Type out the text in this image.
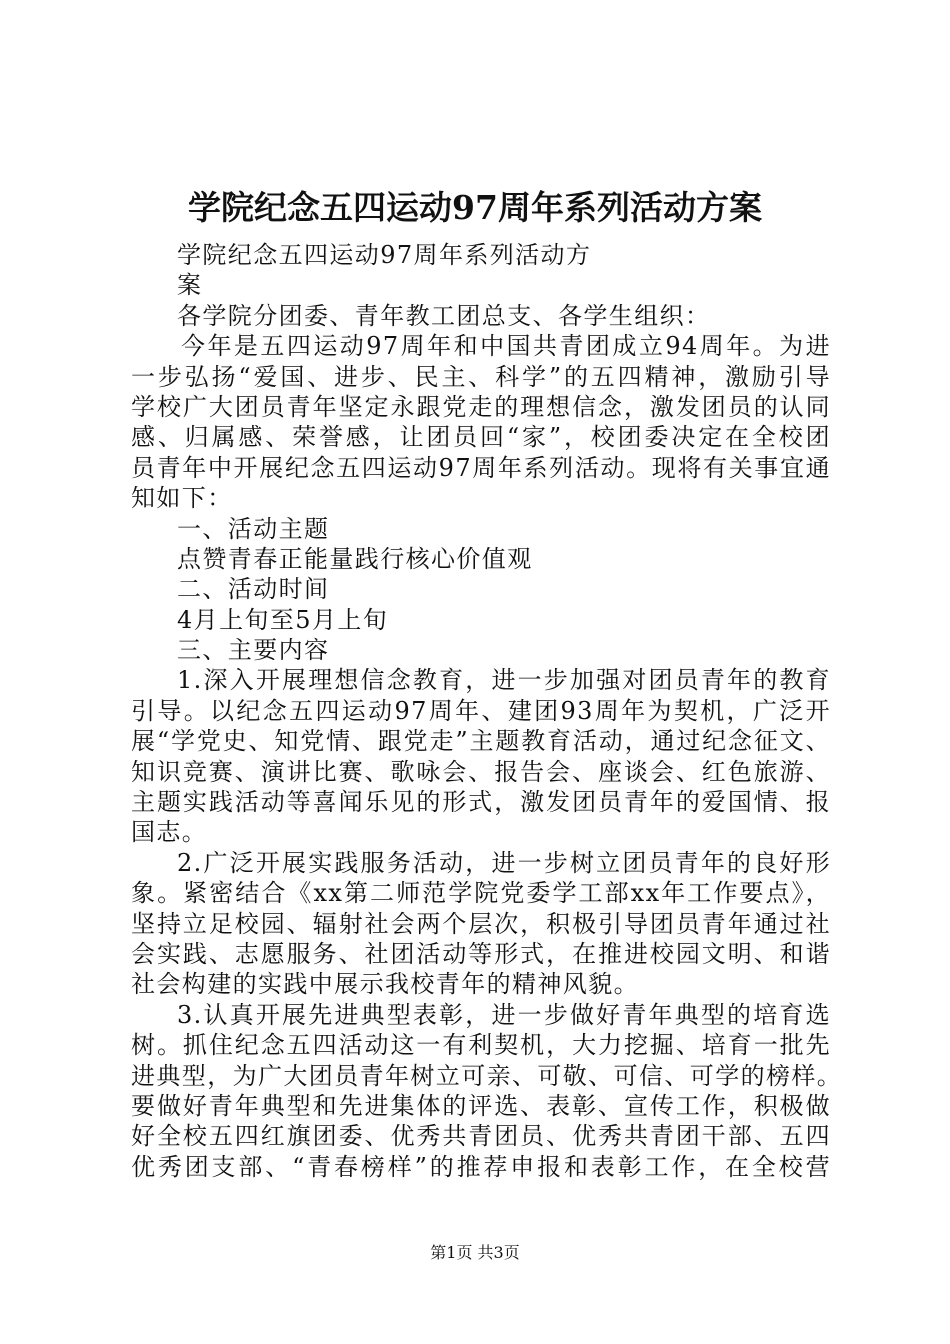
学院纪念五四运动97周年系列活动方案
学院纪念五四运动97周年系列活动方
案
各学院分团委、青年教工团总支、各学生组织：
今年是五四运动97周年和中国共青团成立94周年。为进
一步弘扬“爱国、进步、民主、科学”的五四精神，激励引导
学校广大团员青年坚定永跟党走的理想信念，激发团员的认同
感、归属感、荣誉感，让团员回“家”，校团委决定在全校团
员青年中开展纪念五四运动97周年系列活动。现将有关事宜通
知如下：
一、活动主题
点赞青春正能量践行核心价值观
二、活动时间
4月上旬至5月上旬
三、主要内容
1.深入开展理想信念教育，进一步加强对团员青年的教育
引导。以纪念五四运动97周年、建团93周年为契机，广泛开
展“学党史、知党情、跟党走”主题教育活动，通过纪念征文、
知识竞赛、演讲比赛、歌咏会、报告会、座谈会、红色旅游、
主题实践活动等喜闻乐见的形式，激发团员青年的爱国情、报
国志。
2.广泛开展实践服务活动，进一步树立团员青年的良好形
象。紧密结合《xx第二师范学院党委学工部xx年工作要点》，
坚持立足校园、辐射社会两个层次，积极引导团员青年通过社
会实践、志愿服务、社团活动等形式，在推进校园文明、和谐
社会构建的实践中展示我校青年的精神风貌。
3.认真开展先进典型表彰，进一步做好青年典型的培育选
树。抓住纪念五四活动这一有利契机，大力挖掘、培育一批先
进典型，为广大团员青年树立可亲、可敬、可信、可学的榜样。
要做好青年典型和先进集体的评选、表彰、宣传工作，积极做
好全校五四红旗团委、优秀共青团员、优秀共青团干部、五四
优秀团支部、“青春榜样”的推荐申报和表彰工作，在全校营
第1页 共3页
